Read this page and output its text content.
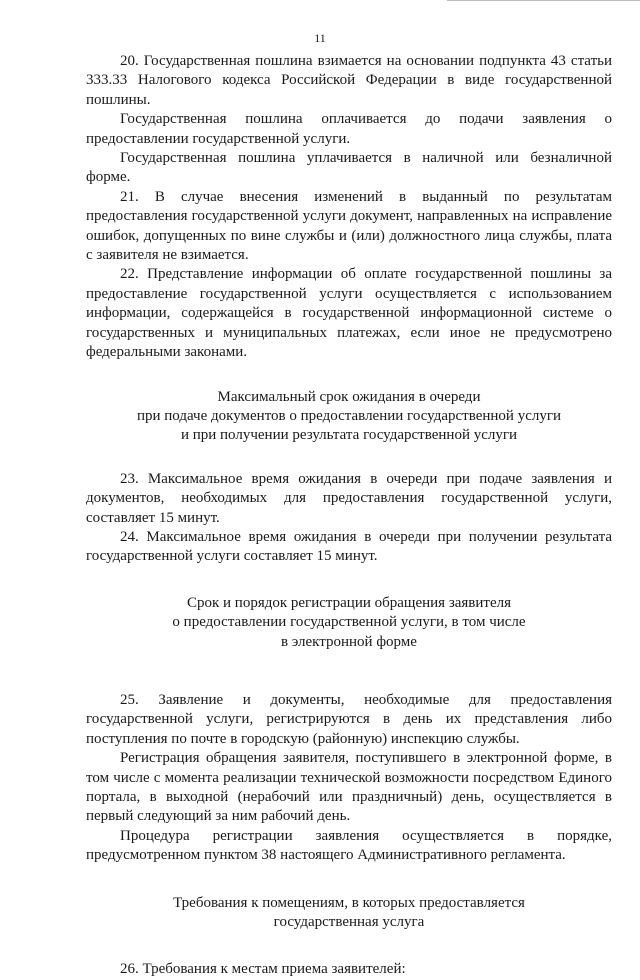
11

20. Государственная пошлина взимается на основании подпункта 43 статьи 333.33 Налогового кодекса Российской Федерации в виде государственной пошлины.

Государственная пошлина оплачивается до подачи заявления о предоставлении государственной услуги.

Государственная пошлина уплачивается в наличной или безналичной форме.

21. В случае внесения изменений в выданный по результатам предоставления государственной услуги документ, направленных на исправление ошибок, допущенных по вине службы и (или) должностного лица службы, плата с заявителя не взимается.

22. Представление информации об оплате государственной пошлины за предоставление государственной услуги осуществляется с использованием информации, содержащейся в государственной информационной системе о государственных и муниципальных платежах, если иное не предусмотрено федеральными законами.

Максимальный срок ожидания в очереди

при подаче документов о предоставлении государственной услуги

и при получении результата государственной услуги

23. Максимальное время ожидания в очереди при подаче заявления и документов, необходимых для предоставления государственной услуги, составляет 15 минут.

24. Максимальное время ожидания в очереди при получении результата государственной услуги составляет 15 минут.

Срок и порядок регистрации обращения заявителя

о предоставлении государственной услуги, в том числе

в электронной форме

25. Заявление и документы, необходимые для предоставления государственной услуги, регистрируются в день их представления либо поступления по почте в городскую (районную) инспекцию службы.

Регистрация обращения заявителя, поступившего в электронной форме, в том числе с момента реализации технической возможности посредством Единого портала, в выходной (нерабочий или праздничный) день, осуществляется в первый следующий за ним рабочий день.

Процедура регистрации заявления осуществляется в порядке, предусмотренном пунктом 38 настоящего Административного регламента.

Требования к помещениям, в которых предоставляется

государственная услуга

26. Требования к местам приема заявителей:
